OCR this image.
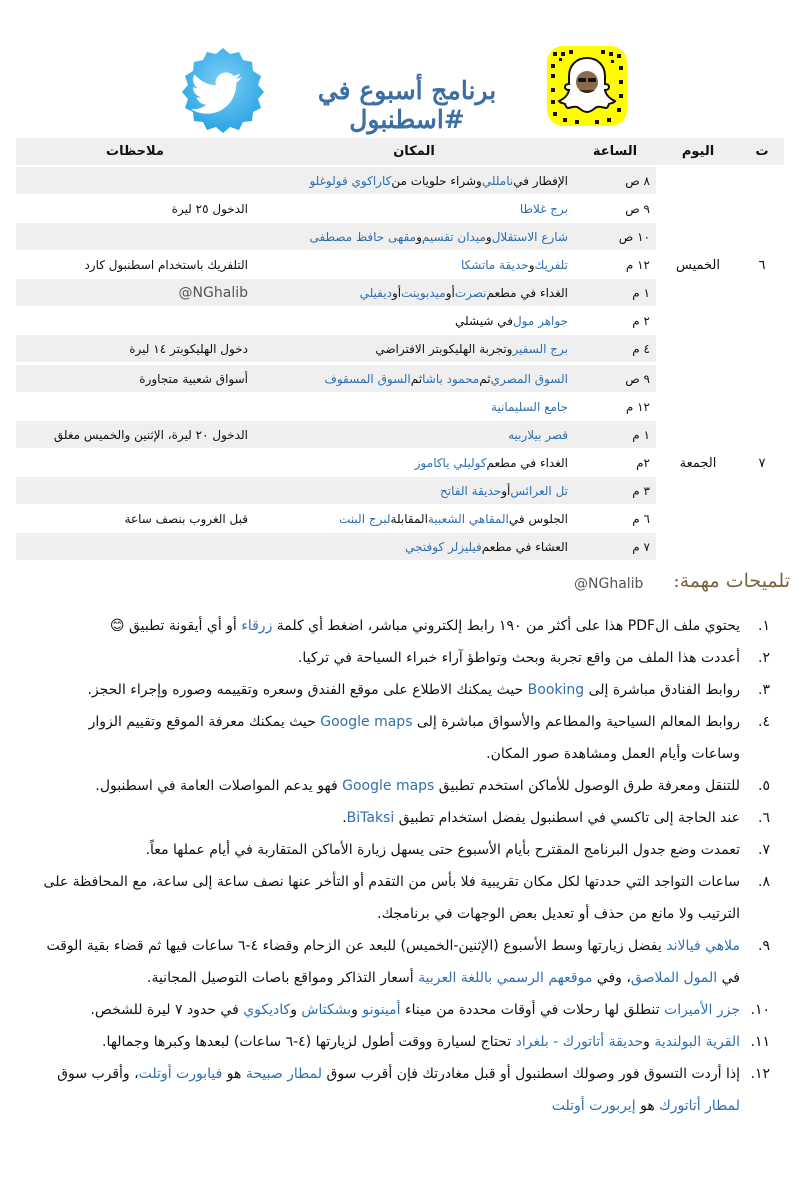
برنامج أسبوع في #اسطنبول
ت
اليوم
الساعة
المكان
ملاحظات
٦
الخميس
٨ ص
الإفطار في
نامللي
وشراء حلويات من
كاراكوي قولوغلو
٩ ص
برج غلاطا
الدخول ٢٥ ليرة
١٠ ص
شارع الاستقلال
و
ميدان تقسيم
و
مقهى حافظ مصطفى
١٢ م
تلفريك
و
حديقة ماتشكا
التلفريك باستخدام اسطنبول كارد
١ م
الغداء في مطعم
نصرت
أو
ميدبوينت
أو
ديفيلي
@NGhalib
٢ م
جواهر مول
في شيشلي
٤ م
برج السفير
وتجربة الهليكوبتر الافتراضي
دخول الهليكوبتر ١٤ ليرة
٧
الجمعة
٩ ص
السوق المصري
ثم
محمود باشا
ثم
السوق المسقوف
أسواق شعبية متجاورة
١٢ م
جامع السليمانية
١ م
قصر بيلاربيه
الدخول ٢٠ ليرة، الإثنين والخميس مغلق
٢م
الغداء في مطعم
كوليلي ياكاموز
٣ م
تل العرائس
أو
حديقة الفاتح
٦ م
الجلوس في
المقاهي الشعبية
المقابلة
لبرج البنت
قبل الغروب بنصف ساعة
٧ م
العشاء في مطعم
فيليزلر كوفتجي
تلميحات مهمة:
@NGhalib
١.
يحتوي ملف الPDF هذا على أكثر من ١٩٠ رابط إلكتروني مباشر، اضغط أي كلمة زرقاء أو أي أيقونة تطبيق 😊
٢.
أعددت هذا الملف من واقع تجربة وبحث وتواطؤ آراء خبراء السياحة في تركيا.
٣.
روابط الفنادق مباشرة إلى Booking حيث يمكنك الاطلاع على موقع الفندق وسعره وتقييمه وصوره وإجراء الحجز.
٤.
روابط المعالم السياحية والمطاعم والأسواق مباشرة إلى Google maps حيث يمكنك معرفة الموقع وتقييم الزوار وساعات وأيام العمل ومشاهدة صور المكان.
٥.
للتنقل ومعرفة طرق الوصول للأماكن استخدم تطبيق Google maps فهو يدعم المواصلات العامة في اسطنبول.
٦.
عند الحاجة إلى تاكسي في اسطنبول يفضل استخدام تطبيق BiTaksi.
٧.
تعمدت وضع جدول البرنامج المقترح بأيام الأسبوع حتى يسهل زيارة الأماكن المتقاربة في أيام عملها معاً.
٨.
ساعات التواجد التي حددتها لكل مكان تقريبية فلا بأس من التقدم أو التأخر عنها نصف ساعة إلى ساعة، مع المحافظة على الترتيب ولا مانع من حذف أو تعديل بعض الوجهات في برنامجك.
٩.
ملاهي فيالاند يفضل زيارتها وسط الأسبوع (الإثنين-الخميس) للبعد عن الزحام وقضاء ٤-٦ ساعات فيها ثم قضاء بقية الوقت في المول الملاصق، وفي موقعهم الرسمي باللغة العربية أسعار التذاكر ومواقع باصات التوصيل المجانية.
١٠.
جزر الأميرات تنطلق لها رحلات في أوقات محددة من ميناء أمينونو وبشكتاش وكاديكوي في حدود ٧ ليرة للشخص.
١١.
القرية البولندية وحديقة أتاتورك - بلغراد تحتاج لسيارة ووقت أطول لزيارتها (٤-٦ ساعات) لبعدها وكبرها وجمالها.
١٢.
إذا أردت التسوق فور وصولك اسطنبول أو قبل مغادرتك فإن أقرب سوق لمطار صبيحة هو فيابورت أوتلت، وأقرب سوق لمطار أتاتورك هو إيربورت أوتلت
